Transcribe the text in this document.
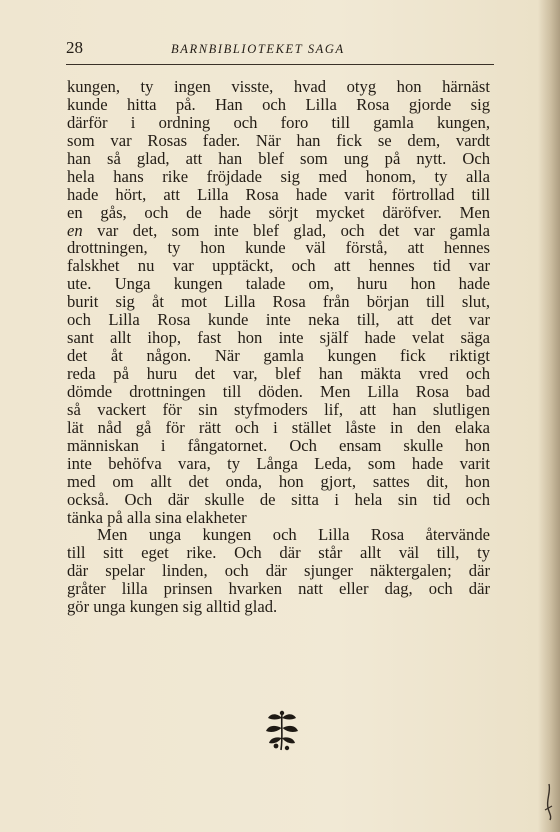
28	BARNBIBLIOTEKET SAGA
kungen, ty ingen visste, hvad otyg hon härnäst
kunde hitta på. Han och Lilla Rosa gjorde sig
därför i ordning och foro till gamla kungen,
som var Rosas fader. När han fick se dem, vardt
han så glad, att han blef som ung på nytt. Och
hela hans rike fröjdade sig med honom, ty alla
hade hört, att Lilla Rosa hade varit förtrollad till
en gås, och de hade sörjt mycket däröfver. Men
en var det, som inte blef glad, och det var gamla
drottningen, ty hon kunde väl förstå, att hennes
falskhet nu var upptäckt, och att hennes tid var
ute. Unga kungen talade om, huru hon hade
burit sig åt mot Lilla Rosa från början till slut,
och Lilla Rosa kunde inte neka till, att det var
sant allt ihop, fast hon inte själf hade velat säga
det åt någon. När gamla kungen fick riktigt
reda på huru det var, blef han mäkta vred och
dömde drottningen till döden. Men Lilla Rosa bad
så vackert för sin styfmoders lif, att han slutligen
lät nåd gå för rätt och i stället låste in den elaka
människan i fångatornet. Och ensam skulle hon
inte behöfva vara, ty Långa Leda, som hade varit
med om allt det onda, hon gjort, sattes dit, hon
också. Och där skulle de sitta i hela sin tid och
tänka på alla sina elakheter
Men unga kungen och Lilla Rosa återvände
till sitt eget rike. Och där står allt väl till, ty
där spelar linden, och där sjunger näktergalen; där
gråter lilla prinsen hvarken natt eller dag, och där
gör unga kungen sig alltid glad.
